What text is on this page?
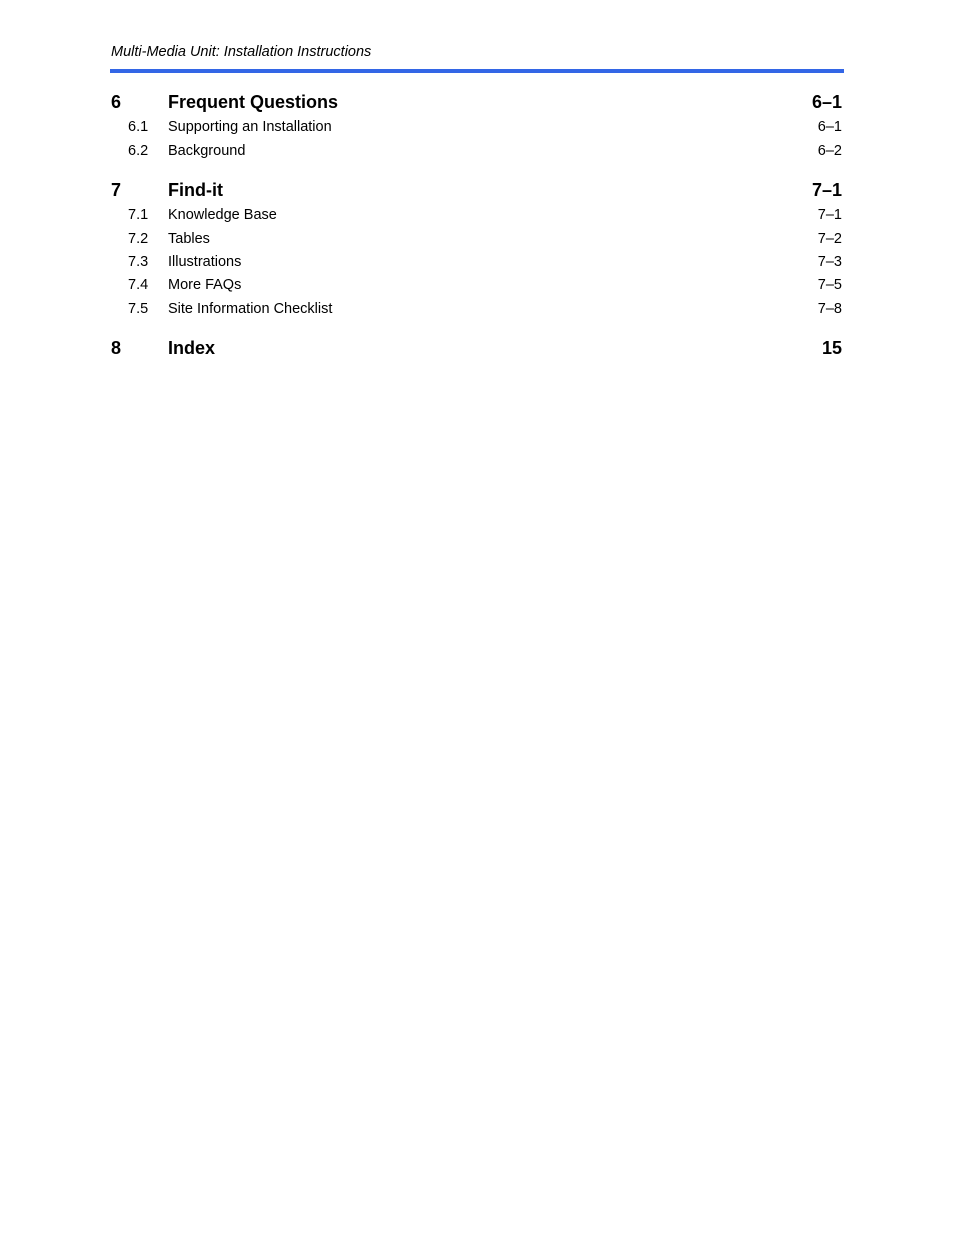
Multi-Media Unit: Installation Instructions
6	Frequent Questions	6–1
6.1	Supporting an Installation	6–1
6.2	Background	6–2
7	Find-it	7–1
7.1	Knowledge Base	7–1
7.2	Tables	7–2
7.3	Illustrations	7–3
7.4	More FAQs	7–5
7.5	Site Information Checklist	7–8
8	Index	15
